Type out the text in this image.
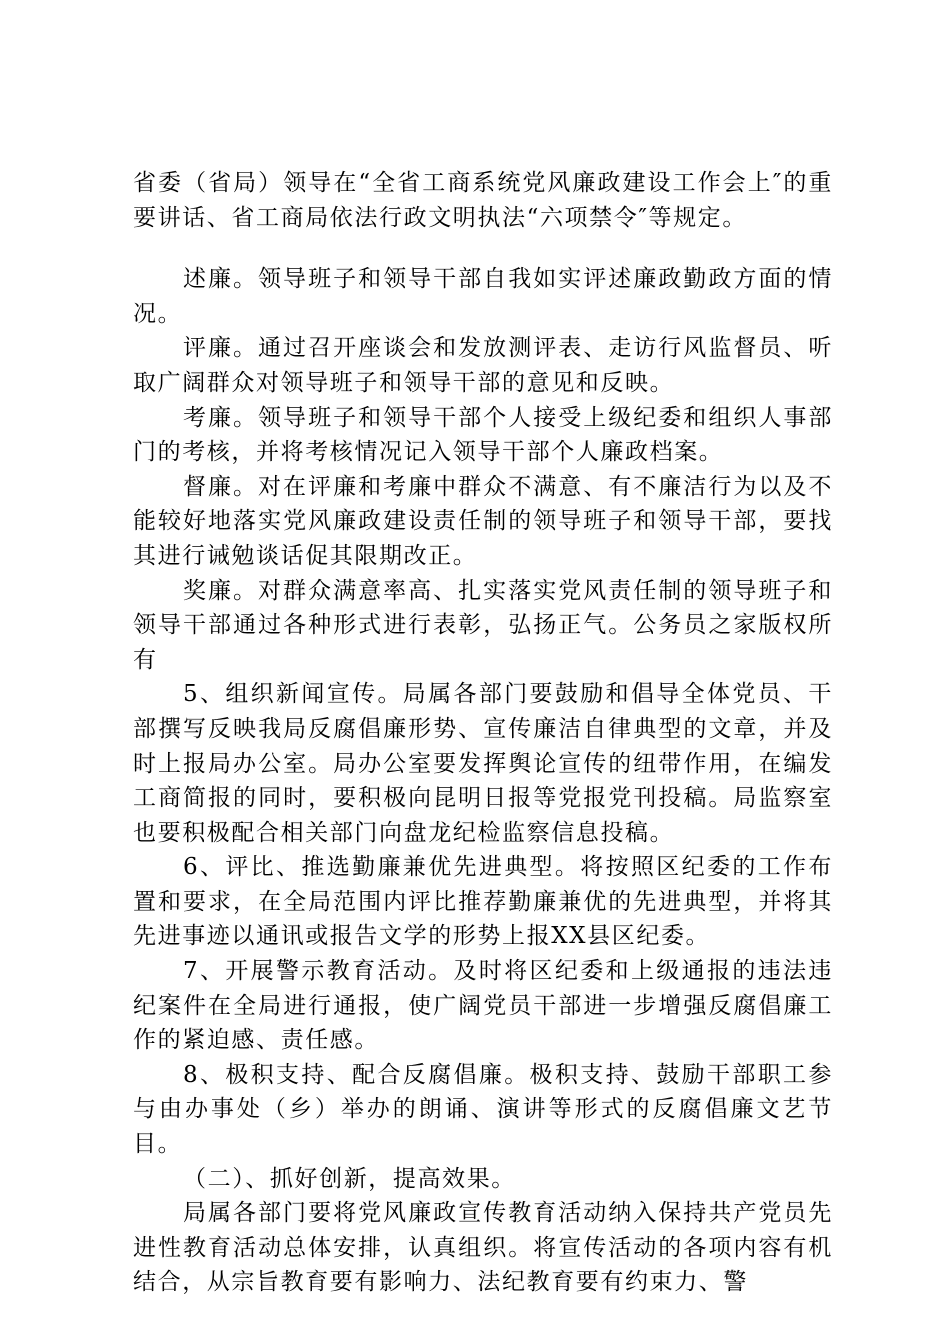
省委（省局）领导在“全省工商系统党风廉政建设工作会上″的重要讲话、省工商局依法行政文明执法“六项禁令″等规定。

述廉。领导班子和领导干部自我如实评述廉政勤政方面的情况。

评廉。通过召开座谈会和发放测评表、走访行风监督员、听取广阔群众对领导班子和领导干部的意见和反映。

考廉。领导班子和领导干部个人接受上级纪委和组织人事部门的考核，并将考核情况记入领导干部个人廉政档案。

督廉。对在评廉和考廉中群众不满意、有不廉洁行为以及不能较好地落实党风廉政建设责任制的领导班子和领导干部，要找其进行诫勉谈话促其限期改正。

奖廉。对群众满意率高、扎实落实党风责任制的领导班子和领导干部通过各种形式进行表彰，弘扬正气。公务员之家版权所有

5、组织新闻宣传。局属各部门要鼓励和倡导全体党员、干部撰写反映我局反腐倡廉形势、宣传廉洁自律典型的文章，并及时上报局办公室。局办公室要发挥舆论宣传的纽带作用，在编发工商简报的同时，要积极向昆明日报等党报党刊投稿。局监察室也要积极配合相关部门向盘龙纪检监察信息投稿。

6、评比、推选勤廉兼优先进典型。将按照区纪委的工作布置和要求，在全局范围内评比推荐勤廉兼优的先进典型，并将其先进事迹以通讯或报告文学的形势上报XX县区纪委。

7、开展警示教育活动。及时将区纪委和上级通报的违法违纪案件在全局进行通报，使广阔党员干部进一步增强反腐倡廉工作的紧迫感、责任感。

8、极积支持、配合反腐倡廉。极积支持、鼓励干部职工参与由办事处（乡）举办的朗诵、演讲等形式的反腐倡廉文艺节目。

（二）、抓好创新，提高效果。

局属各部门要将党风廉政宣传教育活动纳入保持共产党员先进性教育活动总体安排，认真组织。将宣传活动的各项内容有机结合，从宗旨教育要有影响力、法纪教育要有约束力、警
